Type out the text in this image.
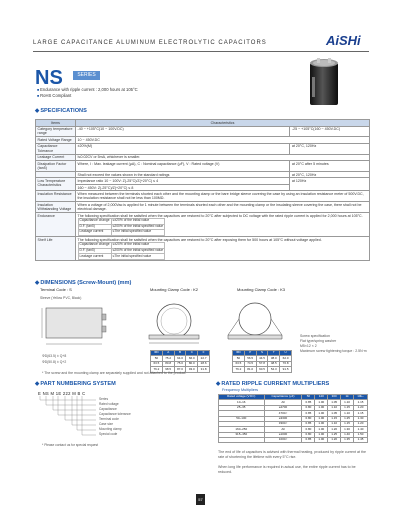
LARGE CAPACITANCE ALUMINUM ELECTROLYTIC CAPACITORS	AiSHi
NS	SERIES
■ Endurance with ripple current : 2,000 hours at 105°C
■ RoHS Compliant
◆ SPECIFICATIONS
Items	Characteristics
Category temperature range	-40 ~ +105°C(10 ~ 100V.DC)	-25 ~ +105°C(160 ~ 450V.DC)
Rated Voltage Range	10 ~ 450V.DC
Capacitance Tolerance	±20%(M)	at 20°C, 120Hz
Leakage Current	I≤0.02CV or 5mA, whichever is smaller.
Dissipation Factor (tanδ)	Where, I : Max. leakage current (μA), C : Nominal capacitance (μF), V : Rated voltage (V)	at 20°C after 5 minutes
	Shall not exceed the values shown in the standard ratings	at 20°C, 120Hz
Low Temperature Characteristics	Impedance ratio 10 ~ 100V: Z(-25°C)/Z(+20°C) ≤ 4	at 120Hz
160 ~ 450V: Z(-25°C)/Z(+20°C) ≤ 8
Insulation Resistance	When measured between the terminals shorted each other and the mounting clamp or the bare bridge sleeve covering the case by using an insulation resistance meter of 500V.DC, the insulation resistance shall not be less than 100MΩ.
Insulation Withstanding Voltage	When a voltage of 2,000Vac is applied for 1 minute between the terminals shorted each other and the mounting clamp or the insulating sleeve covering the case, there shall not be electrical damage.
Endurance	The following specification shall be satisfied when the capacitors are restored to 20°C after subjected to DC voltage with the rated ripple current is applied for 2,000 hours at 105°C.
Capacitance change	≤±20% of the initial value
D.F. (tanδ)	≤200% of the initial specified value
Leakage current	≤The initial specified value

Shelf Life	The following specification shall be satisfied when the capacitors are restored to 20°C after exposing them for 500 hours at 105°C without voltage applied.
Capacitance change	≤±20% of the initial value
D.F. (tanδ)	≤200% of the initial specified value
Leakage current	≤The initial specified value
◆ DIMENSIONS (Screw-Mount) (mm)
Terminal Code : S	Mounting Clamp Code : K2	Mounting Clamp Code : K3
Sleeve (Yellow PVC, Black)
Screw specification
Flat type/spring washer
M5×12 × 2
Maximum screw tightening torque : 2.5N·m
ΦD(63.5) ± Q+8
ΦD(50.8) ± Q+2
ΦD	A	B	C	F
50	75.2	64.0	66.0	22.7
63.5	80.8	75.0	80.0	28.6
76.2	98.5	87.0	93.0	31.8
ΦD	P	S	T	U
50	56.5	44.5	38.0	62.0
63.5	74.5	57.8	48.5	76.8
76.2	81.0	60.5	54.3	91.5
* The screw and the mounting clamp are separately supplied and not attached to the product.
◆ PART NUMBERING SYSTEM
E NS M 1E 222 M B C
Series
Rated voltage
Capacitance
Capacitance tolerance
Terminal code
Case size
Mounting clamp
Special code
* Please contact us for special request
◆ RATED RIPPLE CURRENT MULTIPLIERS
Frequency Multipliers
Rated voltage (V.DC)	Capacitance (μF)	50	120	300	1k	10k~
10~16	All	0.85	1.00	1.05	1.10	1.15
25~35	≤4700	0.80	1.00	1.10	1.15	1.20
	4700<	0.85	1.00	1.05	1.10	1.15
50~100	≤3300	0.80	1.00	1.15	1.25	1.30
	3300<	0.85	1.00	1.10	1.15	1.20
160~250	All	0.80	1.00	1.20	1.30	1.40
315~450	≤1000	0.80	1.00	1.25	1.40	1.50
	1000<	0.85	1.00	1.20	1.35	1.45
The end of life of capacitors is advised with thermal heating, produced by ripple current at the rate of shortening the lifetime with every 5°C rise.
When long life performance is required in actual use, the entire ripple current has to be reduced.
57
